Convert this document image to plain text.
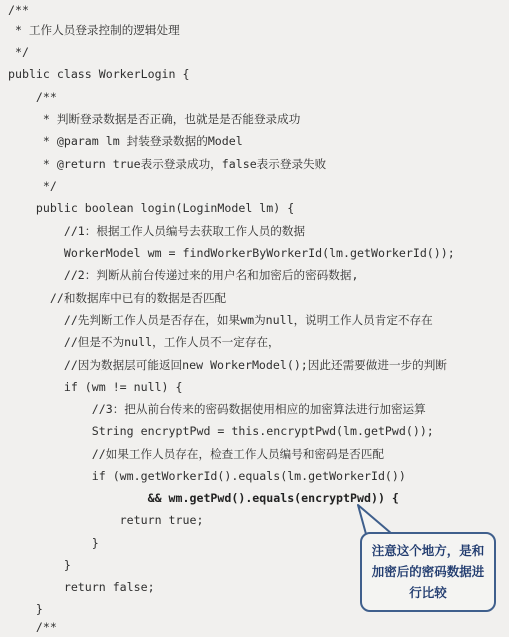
/**
* 工作人员登录控制的逻辑处理
*/
public class WorkerLogin {
/**
* 判断登录数据是否正确，也就是是否能登录成功
* @param lm 封装登录数据的Model
* @return true表示登录成功，false表示登录失败
*/
public boolean login(LoginModel lm) {
//1：根据工作人员编号去获取工作人员的数据
WorkerModel wm = findWorkerByWorkerId(lm.getWorkerId());
//2：判断从前台传递过来的用户名和加密后的密码数据,
//和数据库中已有的数据是否匹配
//先判断工作人员是否存在，如果wm为null，说明工作人员肯定不存在
//但是不为null，工作人员不一定存在，
//因为数据层可能返回new WorkerModel();因此还需要做进一步的判断
if (wm != null) {
//3：把从前台传来的密码数据使用相应的加密算法进行加密运算
String encryptPwd = this.encryptPwd(lm.getPwd());
//如果工作人员存在，检查工作人员编号和密码是否匹配
if (wm.getWorkerId().equals(lm.getWorkerId())
&& wm.getPwd().equals(encryptPwd)) {
return true;
}
}
return false;
}
/**
注意这个地方，是和
加密后的密码数据进
行比较
